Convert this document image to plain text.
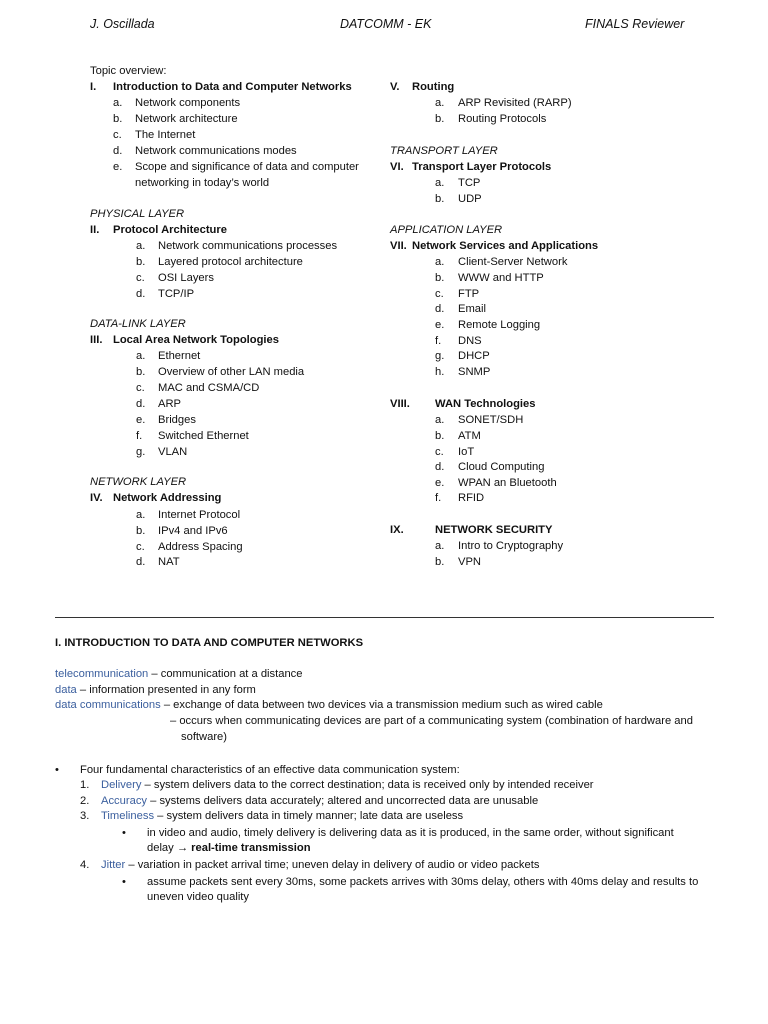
J. Oscillada	DATCOMM - EK	FINALS Reviewer
Topic overview:
I. Introduction to Data and Computer Networks
a. Network components
b. Network architecture
c. The Internet
d. Network communications modes
e. Scope and significance of data and computer
networking in today’s world
PHYSICAL LAYER
II. Protocol Architecture
a. Network communications processes
b. Layered protocol architecture
c. OSI Layers
d. TCP/IP
DATA-LINK LAYER
III. Local Area Network Topologies
a. Ethernet
b. Overview of other LAN media
c. MAC and CSMA/CD
d. ARP
e. Bridges
f. Switched Ethernet
g. VLAN
NETWORK LAYER
IV. Network Addressing
a. Internet Protocol
b. IPv4 and IPv6
c. Address Spacing
d. NAT
V. Routing
a. ARP Revisited (RARP)
b. Routing Protocols
TRANSPORT LAYER
VI. Transport Layer Protocols
a. TCP
b. UDP
APPLICATION LAYER
VII. Network Services and Applications
a. Client-Server Network
b. WWW and HTTP
c. FTP
d. Email
e. Remote Logging
f. DNS
g. DHCP
h. SNMP
VIII. WAN Technologies
a. SONET/SDH
b. ATM
c. IoT
d. Cloud Computing
e. WPAN an Bluetooth
f. RFID
IX.	NETWORK SECURITY
a. Intro to Cryptography
b. VPN
I. INTRODUCTION TO DATA AND COMPUTER NETWORKS
telecommunication – communication at a distance
data – information presented in any form
data communications – exchange of data between two devices via a transmission medium such as wired cable
– occurs when communicating devices are part of a communicating system (combination of hardware and
software)
• Four fundamental characteristics of an effective data communication system:
1. Delivery – system delivers data to the correct destination; data is received only by intended receiver
2. Accuracy – systems delivers data accurately; altered and uncorrected data are unusable
3. Timeliness – system delivers data in timely manner; late data are useless
• in video and audio, timely delivery is delivering data as it is produced, in the same order, without significant
delay → real-time transmission
4. Jitter – variation in packet arrival time; uneven delay in delivery of audio or video packets
• assume packets sent every 30ms, some packets arrives with 30ms delay, others with 40ms delay and results to
uneven video quality
